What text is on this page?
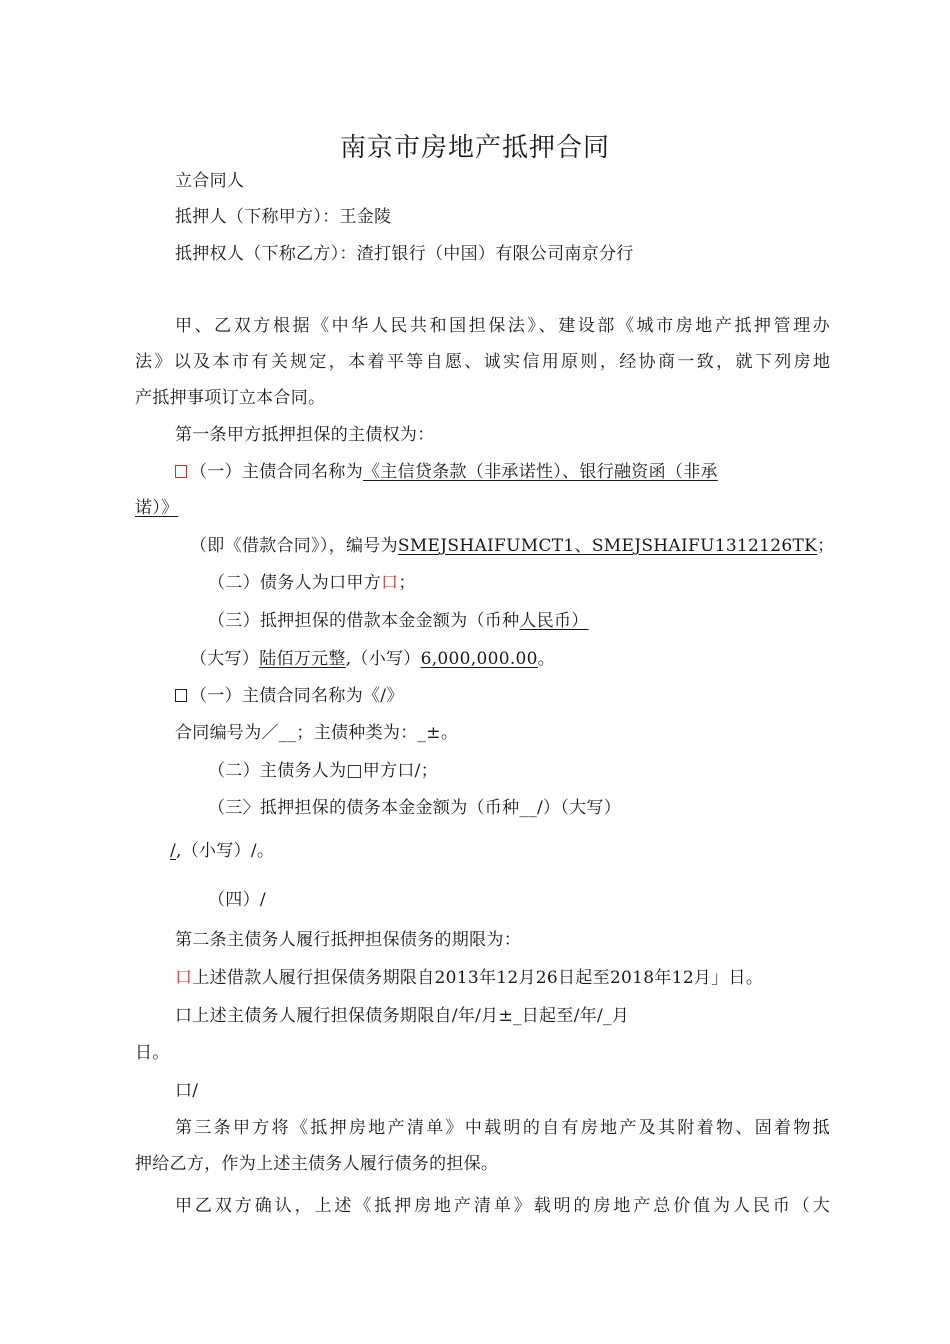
南京市房地产抵押合同
立合同人
抵押人（下称甲方）：王金陵
抵押权人（下称乙方）：渣打银行（中国）有限公司南京分行
甲、乙双方根据《中华人民共和国担保法》、建设部《城市房地产抵押管理办
法》以及本市有关规定，本着平等自愿、诚实信用原则，经协商一致，就下列房地
产抵押事项订立本合同。
第一条甲方抵押担保的主债权为：
（一）主债合同名称为《主信贷条款（非承诺性）、银行融资函（非承
诺）》
（即《借款合同》），编号为SMEJSHAIFUMCT1、SMEJSHAIFU1312126TK；
（二）债务人为口甲方口；
（三）抵押担保的借款本金金额为（币种人民币）
（大写）陆佰万元整,（小写）6,000,000.00。
（一）主债合同名称为《/》
合同编号为／__；主债种类为：_±。
（二）主债务人为□甲方口/；
（三〉抵押担保的债务本金金额为（币种__/）（大写）
/,（小写）/。
（四）/
第二条主债务人履行抵押担保债务的期限为：
口上述借款人履行担保债务期限自2013年12月26日起至2018年12月」日。
口上述主债务人履行担保债务期限自/年/月±_日起至/年/_月
日。
口/
第三条甲方将《抵押房地产清单》中载明的自有房地产及其附着物、固着物抵
押给乙方，作为上述主债务人履行债务的担保。
甲乙双方确认，上述《抵押房地产清单》载明的房地产总价值为人民币（大
